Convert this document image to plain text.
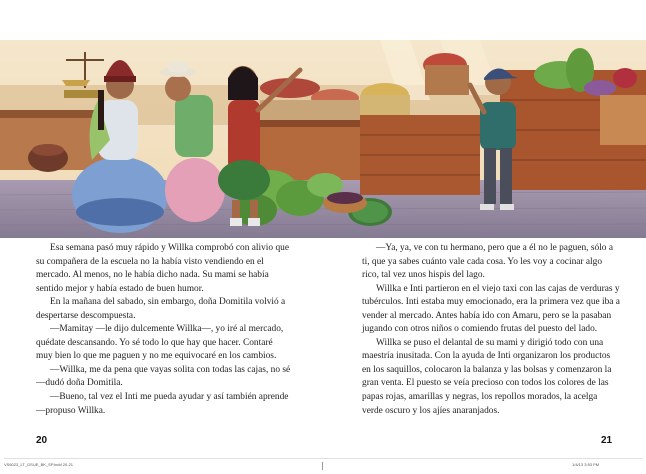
Esa semana pasó muy rápido y Willka comprobó con alivio que su compañera de la escuela no la había visto vendiendo en el mercado. Al menos, no le había dicho nada. Su mami se había sentido mejor y había estado de buen humor.

En la mañana del sabado, sin embargo, doña Domitila volvió a despertarse descompuesta.

—Mamitay —le dijo dulcemente Willka—, yo iré al mercado, quédate descansando. Yo sé todo lo que hay que hacer. Contaré muy bien lo que me paguen y no me equivocaré en los cambios.

—Willka, me da pena que vayas solita con todas las cajas, no sé —dudó doña Domitila.

—Bueno, tal vez el Inti me pueda ayudar y así también aprende —propuso Willka.

—Ya, ya, ve con tu hermano, pero que a él no le paguen, sólo a ti, que ya sabes cuánto vale cada cosa. Yo les voy a cocinar algo rico, tal vez unos hispis del lago.

Willka e Inti partieron en el viejo taxi con las cajas de verduras y tubérculos. Inti estaba muy emocionado, era la primera vez que iba a vender al mercado. Antes había ido con Amaru, pero se la pasaban jugando con otros niños o comiendo frutas del puesto del lado.

Willka se puso el delantal de su mami y dirigió todo con una maestría inusitada. Con la ayuda de Inti organizaron los productos en los saquillos, colocaron la balanza y las bolsas y comenzaron la gran venta. El puesto se veía precioso con todos los colores de las papas rojas, amarillas y negras, los repollos morados, la acelga verde oscuro y los ajíes anaranjados.

20	21
VS6023_LT_GSUE_BK_SP.indd 20-21	1/4/13 3:53 PM
